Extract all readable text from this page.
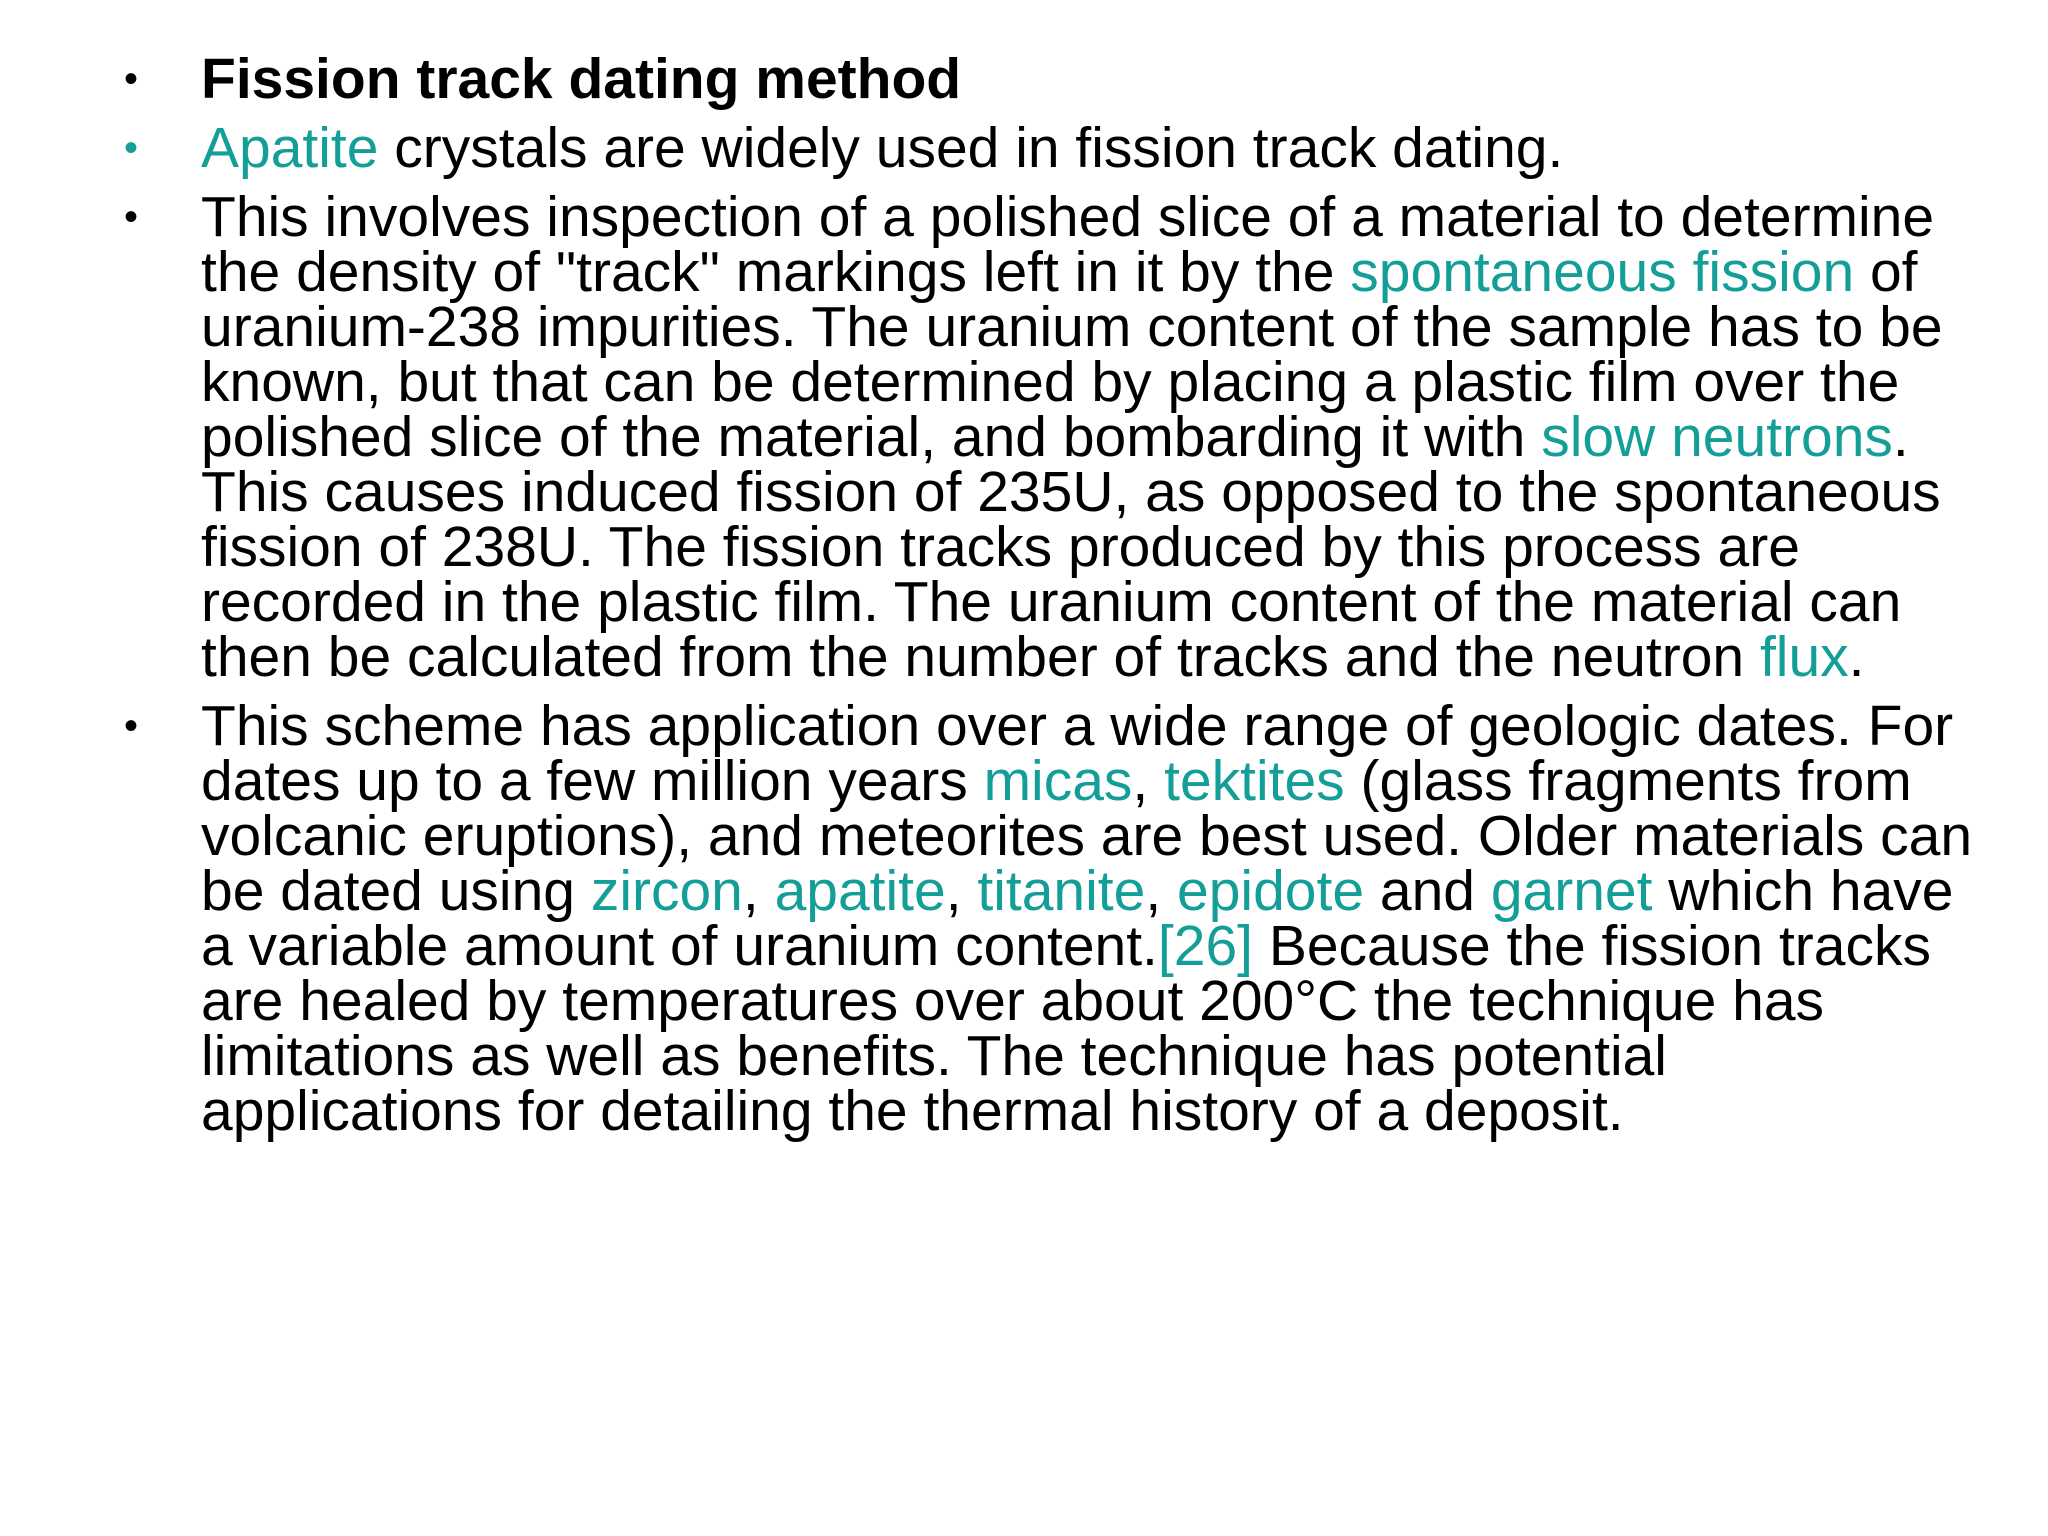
• Fission track dating method
• Apatite crystals are widely used in fission track dating.
• This involves inspection of a polished slice of a material to determine the density of "track" markings left in it by the spontaneous fission of uranium-238 impurities. The uranium content of the sample has to be known, but that can be determined by placing a plastic film over the polished slice of the material, and bombarding it with slow neutrons. This causes induced fission of 235U, as opposed to the spontaneous fission of 238U. The fission tracks produced by this process are recorded in the plastic film. The uranium content of the material can then be calculated from the number of tracks and the neutron flux.
• This scheme has application over a wide range of geologic dates. For dates up to a few million years micas, tektites (glass fragments from volcanic eruptions), and meteorites are best used. Older materials can be dated using zircon, apatite, titanite, epidote and garnet which have a variable amount of uranium content.[26] Because the fission tracks are healed by temperatures over about 200°C the technique has limitations as well as benefits. The technique has potential applications for detailing the thermal history of a deposit.
